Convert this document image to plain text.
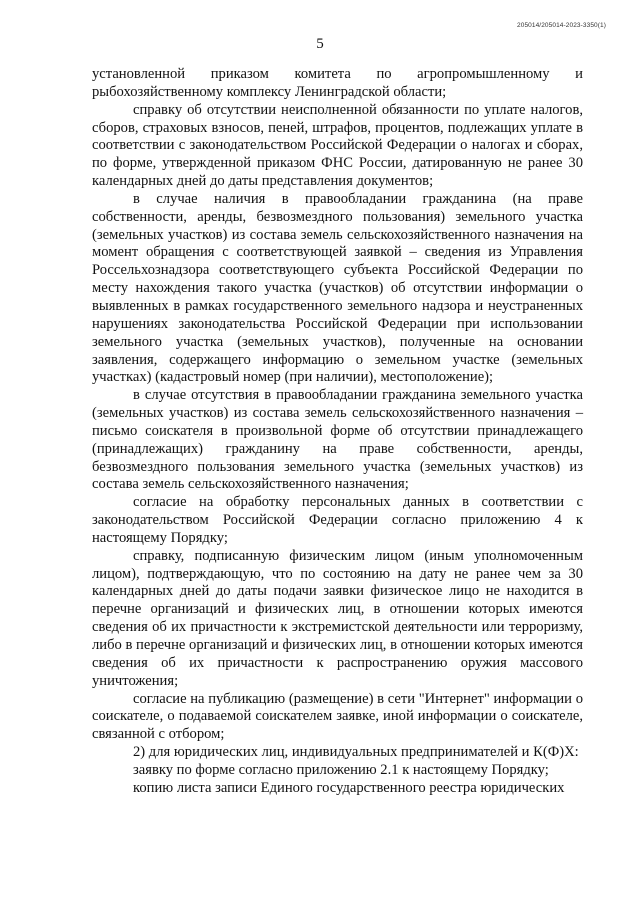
205014/205014-2023-3350(1)
5

установленной приказом комитета по агропромышленному и рыбохозяйственному комплексу Ленинградской области;

справку об отсутствии неисполненной обязанности по уплате налогов, сборов, страховых взносов, пеней, штрафов, процентов, подлежащих уплате в соответствии с законодательством Российской Федерации о налогах и сборах, по форме, утвержденной приказом ФНС России, датированную не ранее 30 календарных дней до даты представления документов;

в случае наличия в правообладании гражданина (на праве собственности, аренды, безвозмездного пользования) земельного участка (земельных участков) из состава земель сельскохозяйственного назначения на момент обращения с соответствующей заявкой – сведения из Управления Россельхознадзора соответствующего субъекта Российской Федерации по месту нахождения такого участка (участков) об отсутствии информации о выявленных в рамках государственного земельного надзора и неустраненных нарушениях законодательства Российской Федерации при использовании земельного участка (земельных участков), полученные на основании заявления, содержащего информацию о земельном участке (земельных участках) (кадастровый номер (при наличии), местоположение);

в случае отсутствия в правообладании гражданина земельного участка (земельных участков) из состава земель сельскохозяйственного назначения – письмо соискателя в произвольной форме об отсутствии принадлежащего (принадлежащих) гражданину на праве собственности, аренды, безвозмездного пользования земельного участка (земельных участков) из состава земель сельскохозяйственного назначения;

согласие на обработку персональных данных в соответствии с законодательством Российской Федерации согласно приложению 4 к настоящему Порядку;

справку, подписанную физическим лицом (иным уполномоченным лицом), подтверждающую, что по состоянию на дату не ранее чем за 30 календарных дней до даты подачи заявки физическое лицо не находится в перечне организаций и физических лиц, в отношении которых имеются сведения об их причастности к экстремистской деятельности или терроризму, либо в перечне организаций и физических лиц, в отношении которых имеются сведения об их причастности к распространению оружия массового уничтожения;

согласие на публикацию (размещение) в сети "Интернет" информации о соискателе, о подаваемой соискателем заявке, иной информации о соискателе, связанной с отбором;

2) для юридических лиц, индивидуальных предпринимателей и К(Ф)Х:

заявку по форме согласно приложению 2.1 к настоящему Порядку;

копию листа записи Единого государственного реестра юридических
